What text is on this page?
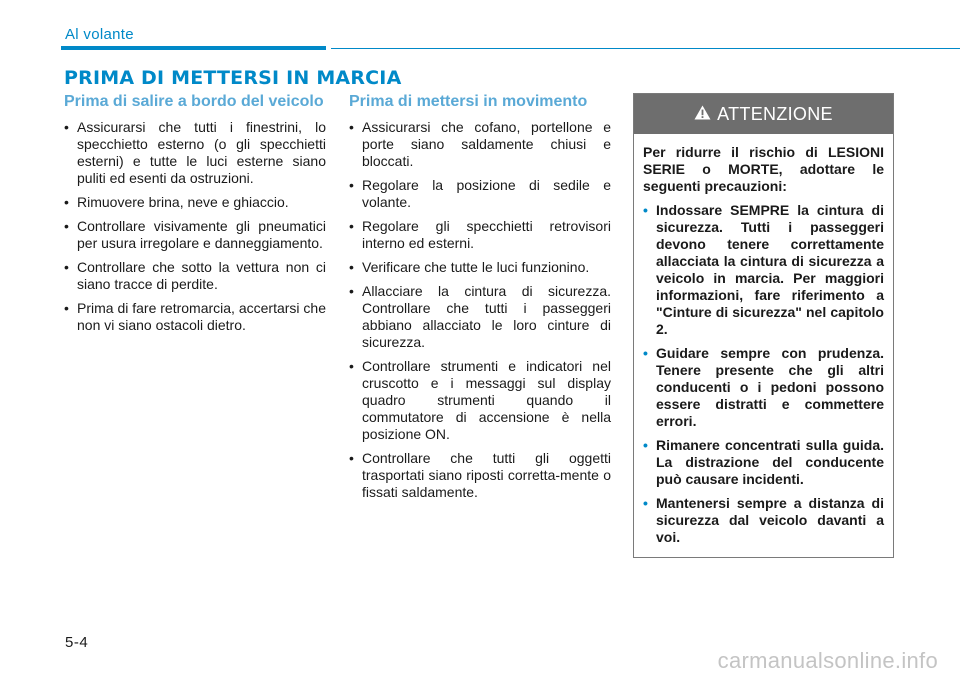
Al volante
PRIMA DI METTERSI IN MARCIA
Prima di salire a bordo del veicolo
• Assicurarsi che tutti i finestrini, lo specchietto esterno (o gli specchietti esterni) e tutte le luci esterne siano puliti ed esenti da ostruzioni.
• Rimuovere brina, neve e ghiaccio.
• Controllare visivamente gli pneumatici per usura irregolare e danneggiamento.
• Controllare che sotto la vettura non ci siano tracce di perdite.
• Prima di fare retromarcia, accertarsi che non vi siano ostacoli dietro.
Prima di mettersi in movimento
• Assicurarsi che cofano, portellone e porte siano saldamente chiusi e bloccati.
• Regolare la posizione di sedile e volante.
• Regolare gli specchietti retrovisori interno ed esterni.
• Verificare che tutte le luci funzionino.
• Allacciare la cintura di sicurezza. Controllare che tutti i passeggeri abbiano allacciato le loro cinture di sicurezza.
• Controllare strumenti e indicatori nel cruscotto e i messaggi sul display quadro strumenti quando il commutatore di accensione è nella posizione ON.
• Controllare che tutti gli oggetti trasportati siano riposti corretta-mente o fissati saldamente.
ATTENZIONE
Per ridurre il rischio di LESIONI SERIE o MORTE, adottare le seguenti precauzioni:
• Indossare SEMPRE la cintura di sicurezza. Tutti i passeggeri devono tenere correttamente allacciata la cintura di sicurezza a veicolo in marcia. Per maggiori informazioni, fare riferimento a "Cinture di sicurezza" nel capitolo 2.
• Guidare sempre con prudenza. Tenere presente che gli altri conducenti o i pedoni possono essere distratti e commettere errori.
• Rimanere concentrati sulla guida. La distrazione del conducente può causare incidenti.
• Mantenersi sempre a distanza di sicurezza dal veicolo davanti a voi.
5-4
carmanualsonline.info
